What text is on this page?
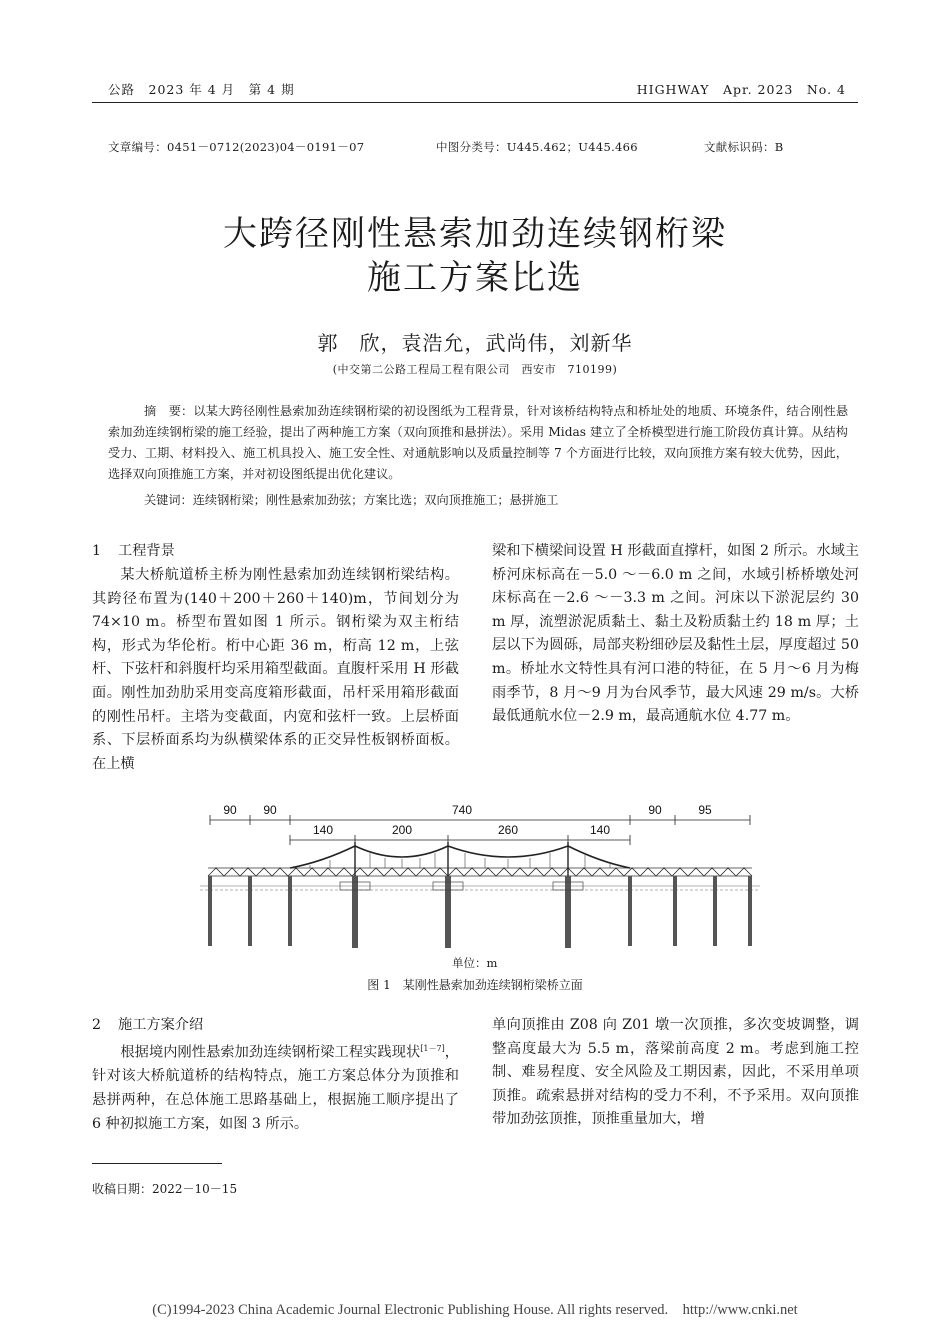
公路　2023 年 4 月　第 4 期	HIGHWAY　Apr. 2023　No. 4
文章编号：0451－0712(2023)04－0191－07	中图分类号：U445.462；U445.466	文献标识码：B
大跨径刚性悬索加劲连续钢桁梁
施工方案比选
郭　欣，袁浩允，武尚伟，刘新华
(中交第二公路工程局工程有限公司　西安市　710199)
摘　要：以某大跨径刚性悬索加劲连续钢桁梁的初设图纸为工程背景，针对该桥结构特点和桥址处的地质、环境条件，结合刚性悬索加劲连续钢桁梁的施工经验，提出了两种施工方案（双向顶推和悬拼法）。采用 Midas 建立了全桥模型进行施工阶段仿真计算。从结构受力、工期、材料投入、施工机具投入、施工安全性、对通航影响以及质量控制等 7 个方面进行比较，双向顶推方案有较大优势，因此，选择双向顶推施工方案，并对初设图纸提出优化建议。
关键词：连续钢桁梁；刚性悬索加劲弦；方案比选；双向顶推施工；悬拼施工
1 工程背景

某大桥航道桥主桥为刚性悬索加劲连续钢桁梁结构。其跨径布置为(140＋200＋260＋140)m，节间划分为 74×10 m。桥型布置如图 1 所示。钢桁梁为双主桁结构，形式为华伦桁。桁中心距 36 m，桁高 12 m，上弦杆、下弦杆和斜腹杆均采用箱型截面。直腹杆采用 H 形截面。刚性加劲肋采用变高度箱形截面，吊杆采用箱形截面的刚性吊杆。主塔为变截面，内宽和弦杆一致。上层桥面系、下层桥面系均为纵横梁体系的正交异性板钢桥面板。在上横

梁和下横梁间设置 H 形截面直撑杆，如图 2 所示。水域主桥河床标高在－5.0 ～－6.0 m 之间，水域引桥桥墩处河床标高在－2.6 ～－3.3 m 之间。河床以下淤泥层约 30 m 厚，流塑淤泥质黏土、黏土及粉质黏土约 18 m 厚；土层以下为圆砾，局部夹粉细砂层及黏性土层，厚度超过 50 m。桥址水文特性具有河口港的特征，在 5 月～6 月为梅雨季节，8 月～9 月为台风季节，最大风速 29 m/s。大桥最低通航水位－2.9 m，最高通航水位 4.77 m。

90 90	740	90	95
140	200	260	140
单位：m
图 1　某刚性悬索加劲连续钢桁梁桥立面
2 施工方案介绍

根据境内刚性悬索加劲连续钢桁梁工程实践现状[1－7]，针对该大桥航道桥的结构特点，施工方案总体分为顶推和悬拼两种，在总体施工思路基础上，根据施工顺序提出了 6 种初拟施工方案，如图 3 所示。

单向顶推由 Z08 向 Z01 墩一次顶推，多次变坡调整，调整高度最大为 5.5 m，落梁前高度 2 m。考虑到施工控制、难易程度、安全风险及工期因素，因此，不采用单项顶推。疏索悬拼对结构的受力不利，不予采用。双向顶推带加劲弦顶推，顶推重量加大，增

收稿日期：2022－10－15
(C)1994-2023 China Academic Journal Electronic Publishing House. All rights reserved.　http://www.cnki.net
